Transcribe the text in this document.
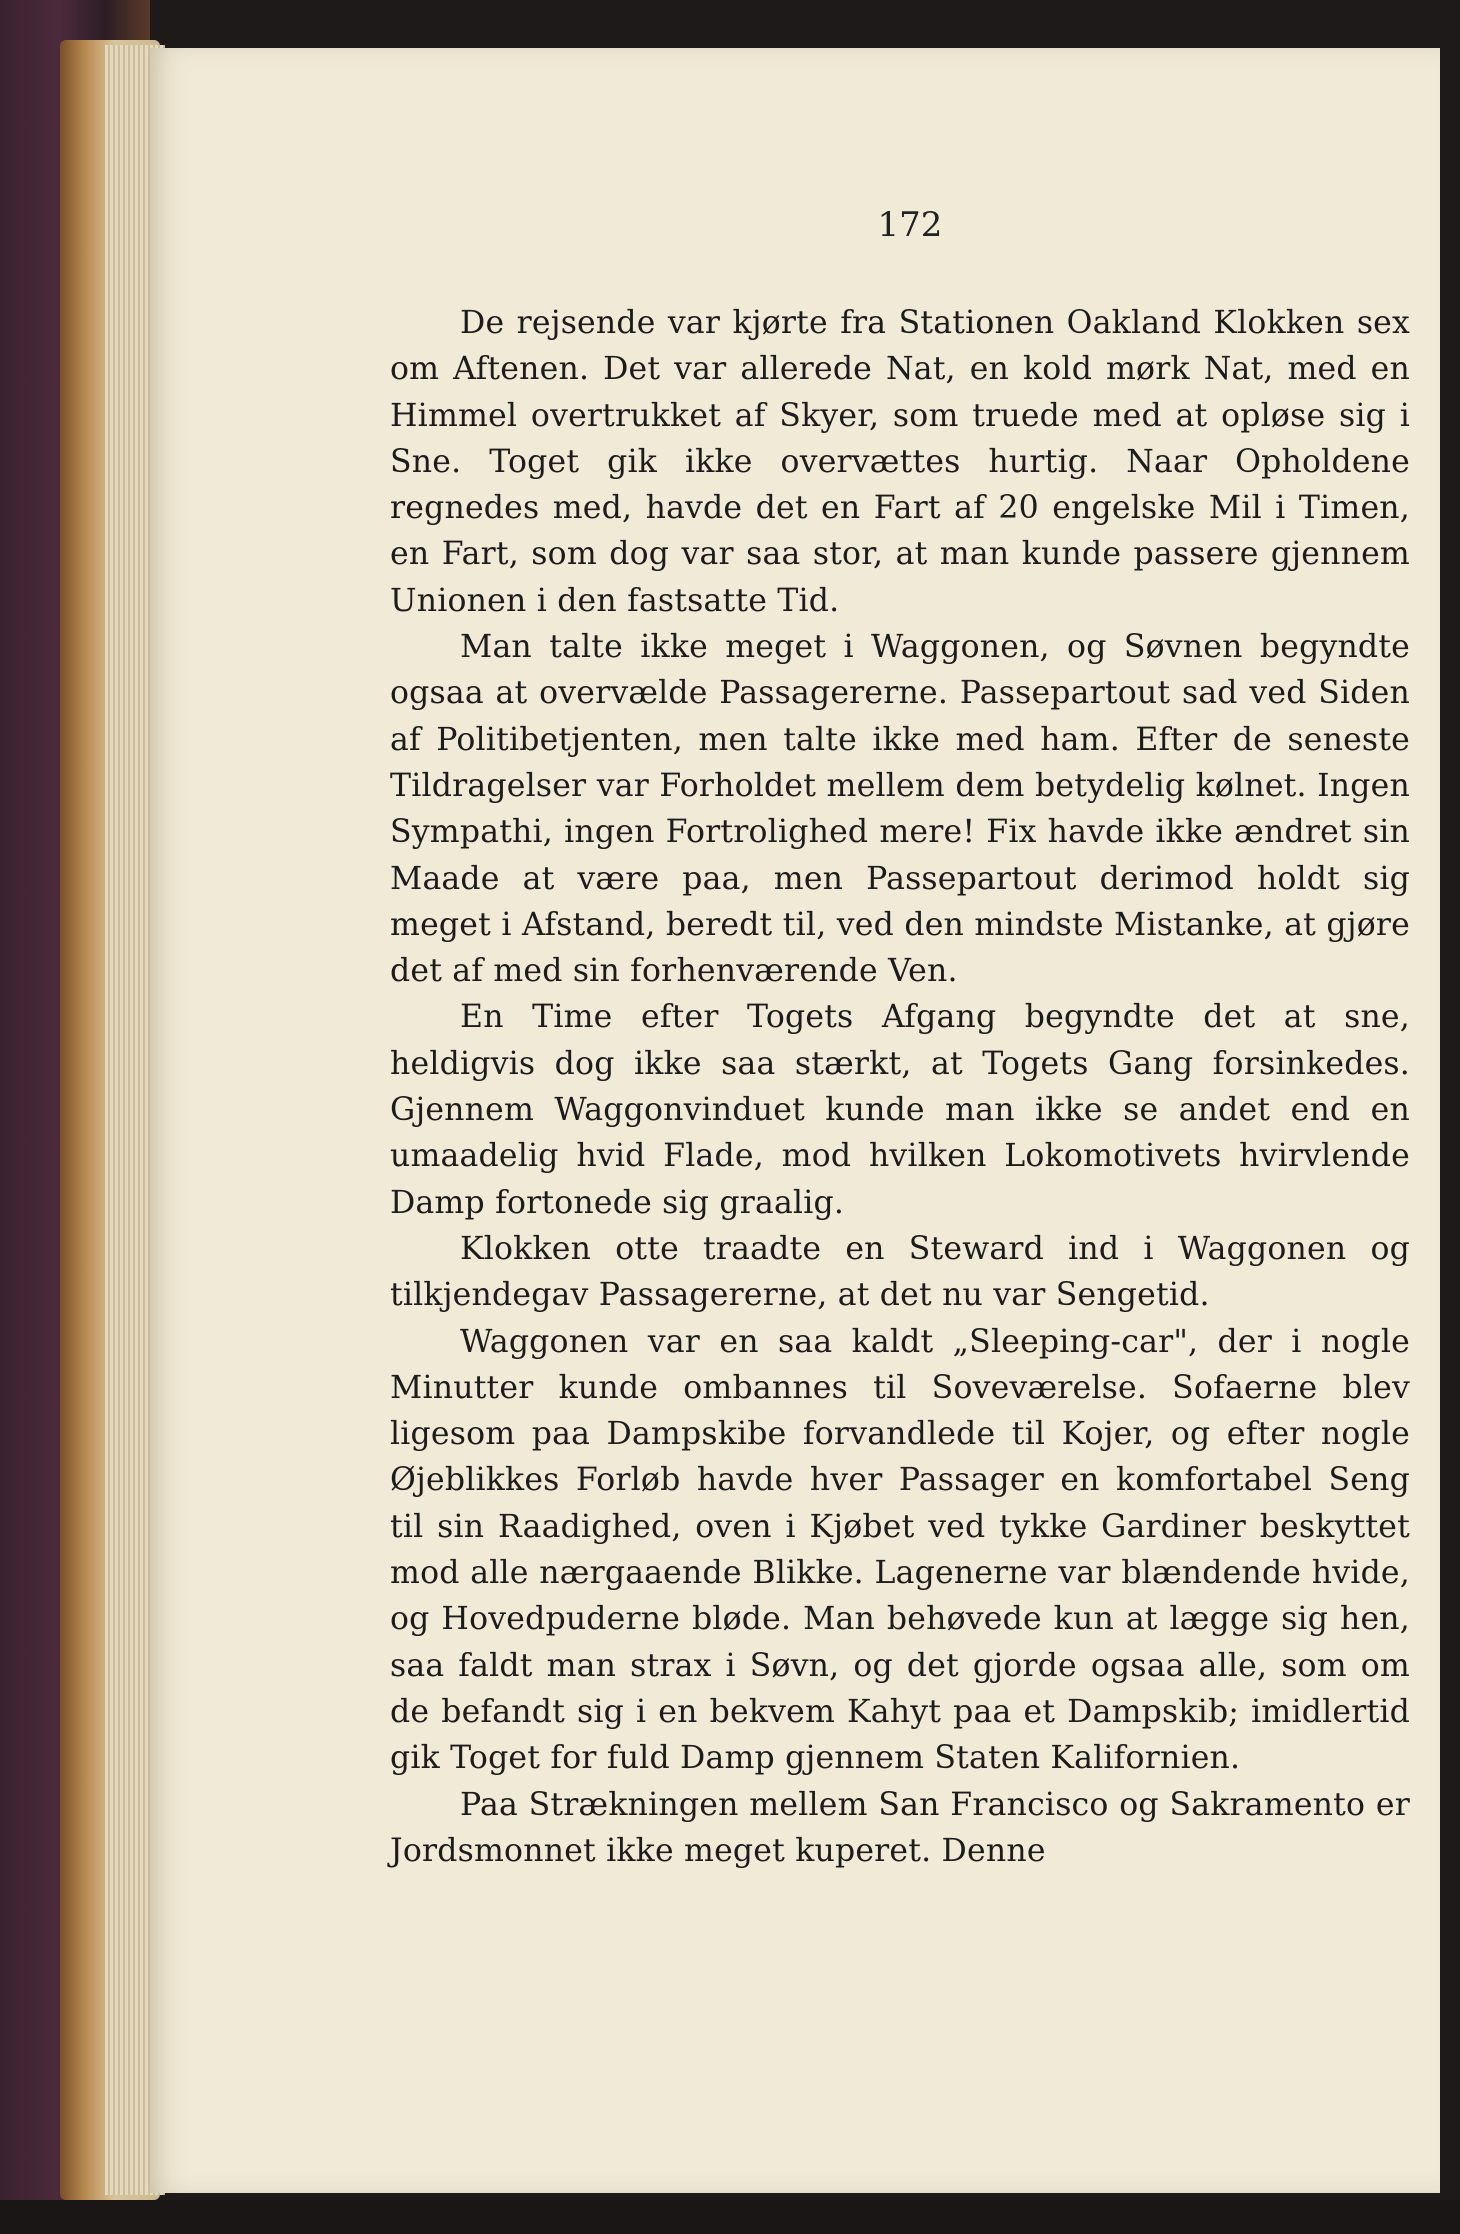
172

De rejsende var kjørte fra Stationen Oakland Klokken sex om Aftenen. Det var allerede Nat, en kold mørk Nat, med en Himmel overtrukket af Skyer, som truede med at opløse sig i Sne. Toget gik ikke overvættes hurtig. Naar Opholdene regnedes med, havde det en Fart af 20 engelske Mil i Timen, en Fart, som dog var saa stor, at man kunde passere gjennem Unionen i den fastsatte Tid.

Man talte ikke meget i Waggonen, og Søvnen begyndte ogsaa at overvælde Passagererne. Passepartout sad ved Siden af Politibetjenten, men talte ikke med ham. Efter de seneste Tildragelser var Forholdet mellem dem betydelig kølnet. Ingen Sympathi, ingen Fortrolighed mere! Fix havde ikke ændret sin Maade at være paa, men Passepartout derimod holdt sig meget i Afstand, beredt til, ved den mindste Mistanke, at gjøre det af med sin forhenværende Ven.

En Time efter Togets Afgang begyndte det at sne, heldigvis dog ikke saa stærkt, at Togets Gang forsinkedes. Gjennem Waggonvinduet kunde man ikke se andet end en umaadelig hvid Flade, mod hvilken Lokomotivets hvirvlende Damp fortonede sig graalig.

Klokken otte traadte en Steward ind i Waggonen og tilkjendegav Passagererne, at det nu var Sengetid.

Waggonen var en saa kaldt „Sleeping-car", der i nogle Minutter kunde ombannes til Soveværelse. Sofaerne blev ligesom paa Dampskibe forvandlede til Kojer, og efter nogle Øjeblikkes Forløb havde hver Passager en komfortabel Seng til sin Raadighed, oven i Kjøbet ved tykke Gardiner beskyttet mod alle nærgaaende Blikke. Lagenerne var blændende hvide, og Hovedpuderne bløde. Man behøvede kun at lægge sig hen, saa faldt man strax i Søvn, og det gjorde ogsaa alle, som om de befandt sig i en bekvem Kahyt paa et Dampskib; imidlertid gik Toget for fuld Damp gjennem Staten Kalifornien.

Paa Strækningen mellem San Francisco og Sakramento er Jordsmonnet ikke meget kuperet. Denne
